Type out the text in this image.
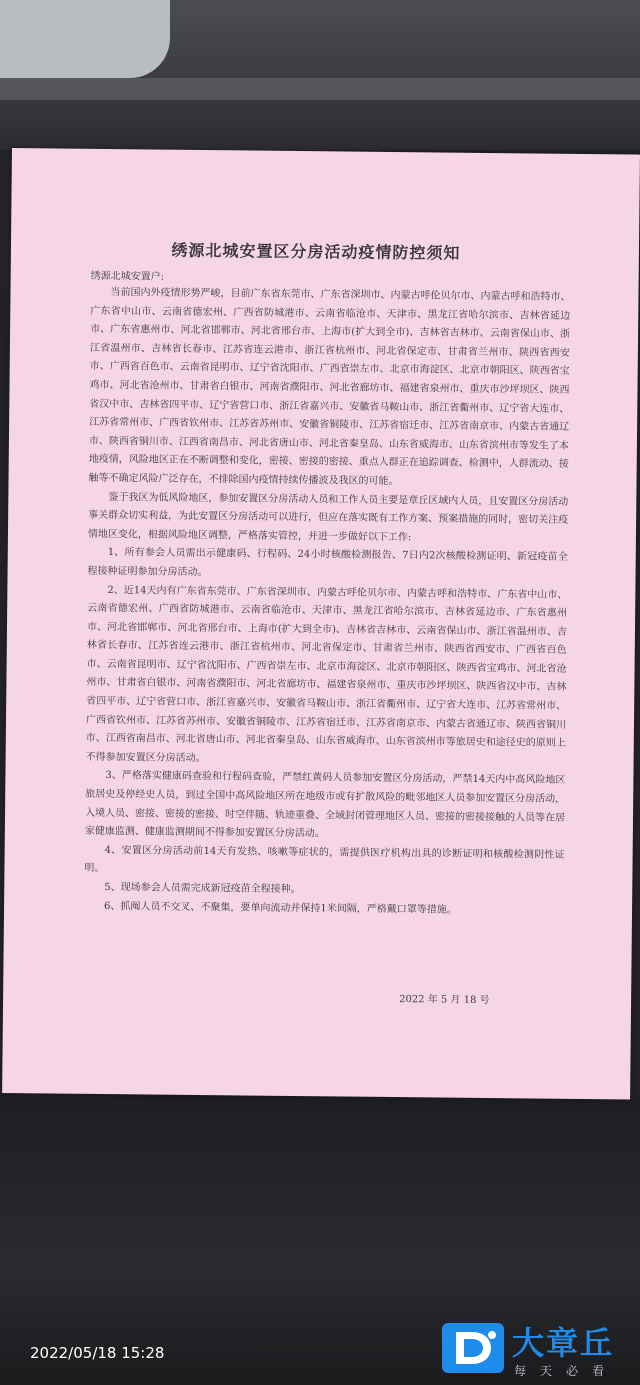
绣源北城安置区分房活动疫情防控须知
绣源北城安置户:

当前国内外疫情形势严峻，目前广东省东莞市、广东省深圳市、内蒙古呼伦贝尔市、内蒙古呼和浩特市、广东省中山市、云南省德宏州、广西省防城港市、云南省临沧市、天津市、黑龙江省哈尔滨市、吉林省延边市、广东省惠州市、河北省邯郸市、河北省邢台市、上海市(扩大到全市)、吉林省吉林市、云南省保山市、浙江省温州市、吉林省长春市、江苏省连云港市、浙江省杭州市、河北省保定市、甘肃省兰州市、陕西省西安市、广西省百色市、云南省昆明市、辽宁省沈阳市、广西省崇左市、北京市海淀区、北京市朝阳区、陕西省宝鸡市、河北省沧州市、甘肃省白银市、河南省濮阳市、河北省廊坊市、福建省泉州市、重庆市沙坪坝区、陕西省汉中市、吉林省四平市、辽宁省营口市、浙江省嘉兴市、安徽省马鞍山市、浙江省衢州市、辽宁省大连市、江苏省常州市、广西省钦州市、江苏省苏州市、安徽省铜陵市、江苏省宿迁市、江苏省南京市、内蒙古省通辽市、陕西省铜川市、江西省南昌市、河北省唐山市、河北省秦皇岛、山东省威海市、山东省滨州市等发生了本地疫情，风险地区正在不断调整和变化，密接、密接的密接、重点人群正在追踪调查、检测中，人群流动、接触等不确定风险广泛存在，不排除国内疫情持续传播波及我区的可能。

鉴于我区为低风险地区，参加安置区分房活动人员和工作人员主要是章丘区域内人员，且安置区分房活动事关群众切实利益，为此安置区分房活动可以进行，但应在落实既有工作方案、预案措施的同时，密切关注疫情地区变化，根据风险地区调整，严格落实管控，并进一步做好以下工作:

1、所有参会人员需出示健康码、行程码、24小时核酸检测报告、7日内2次核酸检测证明、新冠疫苗全程接种证明参加分房活动。

2、近14天内有广东省东莞市、广东省深圳市、内蒙古呼伦贝尔市、内蒙古呼和浩特市、广东省中山市、云南省德宏州、广西省防城港市、云南省临沧市、天津市、黑龙江省哈尔滨市、吉林省延边市、广东省惠州市、河北省邯郸市、河北省邢台市、上海市(扩大到全市)、吉林省吉林市、云南省保山市、浙江省温州市、吉林省长春市、江苏省连云港市、浙江省杭州市、河北省保定市、甘肃省兰州市、陕西省西安市、广西省百色市、云南省昆明市、辽宁省沈阳市、广西省崇左市、北京市海淀区、北京市朝阳区、陕西省宝鸡市、河北省沧州市、甘肃省白银市、河南省濮阳市、河北省廊坊市、福建省泉州市、重庆市沙坪坝区、陕西省汉中市、吉林省四平市、辽宁省营口市、浙江省嘉兴市、安徽省马鞍山市、浙江省衢州市、辽宁省大连市、江苏省常州市、广西省钦州市、江苏省苏州市、安徽省铜陵市、江苏省宿迁市、江苏省南京市、内蒙古省通辽市、陕西省铜川市、江西省南昌市、河北省唐山市、河北省秦皇岛、山东省威海市、山东省滨州市等旅居史和途径史的原则上不得参加安置区分房活动。

3、严格落实健康码查验和行程码查验，严禁红黄码人员参加安置区分房活动，严禁14天内中高风险地区旅居史及停经史人员，到过全国中高风险地区所在地级市或有扩散风险的毗邻地区人员参加安置区分房活动，入境人员、密接、密接的密接、时空伴随、轨迹重叠、全域封闭管理地区人员、密接的密接接触的人员等在居家健康监测、健康监测期间不得参加安置区分房活动。

4、安置区分房活动前14天有发热、咳嗽等症状的，需提供医疗机构出具的诊断证明和核酸检测阴性证明。

5、现场参会人员需完成新冠疫苗全程接种。

6、抓阄人员不交叉、不聚集，要单向流动并保持1米间隔，严格戴口罩等措施。

2022 年 5 月 18 号
2022/05/18 15:28	大章丘
每天必看
